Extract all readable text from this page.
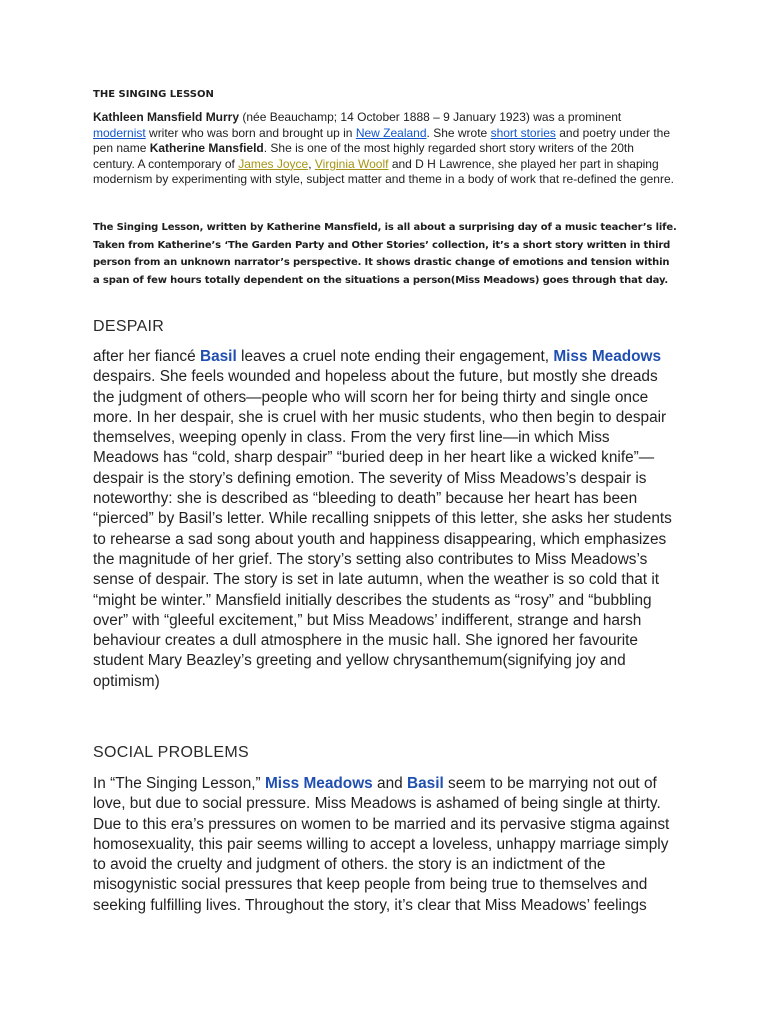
THE SINGING LESSON

Kathleen Mansfield Murry (née Beauchamp; 14 October 1888 – 9 January 1923) was a prominent modernist writer who was born and brought up in New Zealand. She wrote short stories and poetry under the pen name Katherine Mansfield. She is one of the most highly regarded short story writers of the 20th century. A contemporary of James Joyce, Virginia Woolf and D H Lawrence, she played her part in shaping modernism by experimenting with style, subject matter and theme in a body of work that re-defined the genre.

The Singing Lesson, written by Katherine Mansfield, is all about a surprising day of a music teacher’s life. Taken from Katherine’s ‘The Garden Party and Other Stories’ collection, it’s a short story written in third person from an unknown narrator’s perspective. It shows drastic change of emotions and tension within a span of few hours totally dependent on the situations a person(Miss Meadows) goes through that day.

DESPAIR

after her fiancé Basil leaves a cruel note ending their engagement, Miss Meadows despairs. She feels wounded and hopeless about the future, but mostly she dreads the judgment of others—people who will scorn her for being thirty and single once more. In her despair, she is cruel with her music students, who then begin to despair themselves, weeping openly in class. From the very first line—in which Miss Meadows has “cold, sharp despair” “buried deep in her heart like a wicked knife”—despair is the story’s defining emotion. The severity of Miss Meadows’s despair is noteworthy: she is described as “bleeding to death” because her heart has been “pierced” by Basil’s letter. While recalling snippets of this letter, she asks her students to rehearse a sad song about youth and happiness disappearing, which emphasizes the magnitude of her grief. The story’s setting also contributes to Miss Meadows’s sense of despair. The story is set in late autumn, when the weather is so cold that it “might be winter.” Mansfield initially describes the students as “rosy” and “bubbling over” with “gleeful excitement,” but Miss Meadows’ indifferent, strange and harsh behaviour creates a dull atmosphere in the music hall. She ignored her favourite student Mary Beazley’s greeting and yellow chrysanthemum(signifying joy and optimism)

SOCIAL PROBLEMS

In “The Singing Lesson,” Miss Meadows and Basil seem to be marrying not out of love, but due to social pressure. Miss Meadows is ashamed of being single at thirty. Due to this era’s pressures on women to be married and its pervasive stigma against homosexuality, this pair seems willing to accept a loveless, unhappy marriage simply to avoid the cruelty and judgment of others. the story is an indictment of the misogynistic social pressures that keep people from being true to themselves and seeking fulfilling lives. Throughout the story, it’s clear that Miss Meadows’ feelings
